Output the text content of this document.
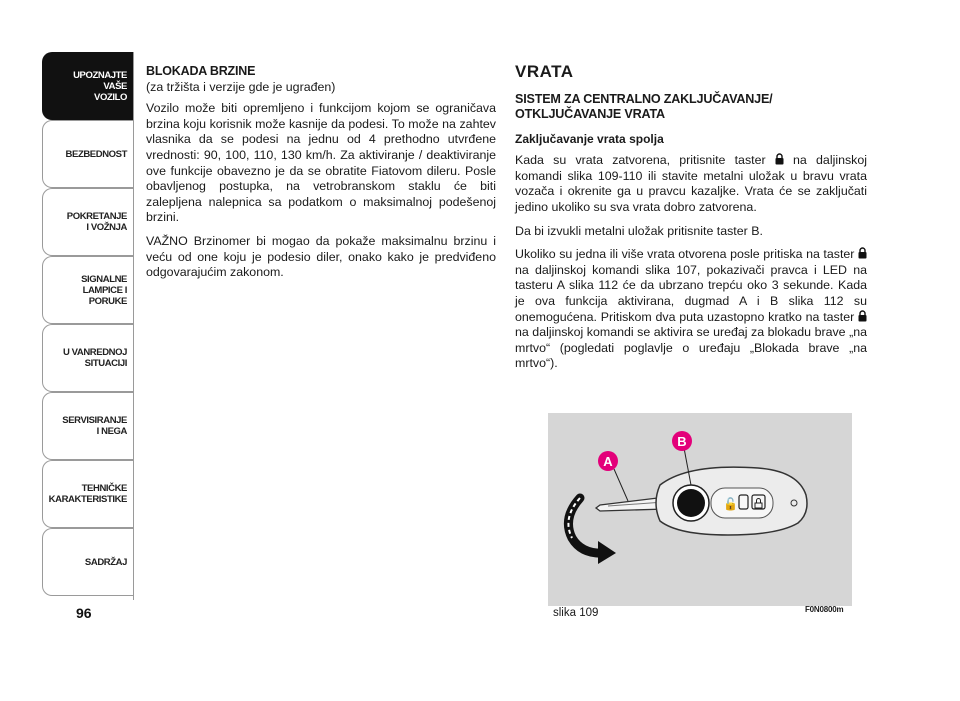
UPOZNAJTE
VAŠE
VOZILO
BEZBEDNOST
POKRETANJE
I VOŽNJA
SIGNALNE
LAMPICE I PORUKE
U VANREDNOJ
SITUACIJI
SERVISIRANJE
I NEGA
TEHNIČKE
KARAKTERISTIKE
SADRŽAJ
96
BLOKADA BRZINE
(za tržišta i verzije gde je ugrađen)

Vozilo može biti opremljeno i funkcijom kojom se ograničava brzina koju korisnik može kasnije da podesi. To može na zahtev vlasnika da se podesi na jednu od 4 prethodno utvrđene vrednosti: 90, 100, 110, 130 km/h. Za aktiviranje / deaktiviranje ove funkcije obavezno je da se obratite Fiatovom dileru. Posle obavljenog postupka, na vetrobranskom staklu će biti zalepljena nalepnica sa podatkom o maksimalnoj podešenoj brzini.

VAŽNO Brzinomer bi mogao da pokaže maksimalnu brzinu i veću od one koju je podesio diler, onako kako je predviđeno odgovarajućim zakonom.

VRATA
SISTEM ZA CENTRALNO ZAKLJUČAVANJE/ OTKLJUČAVANJE VRATA
Zaključavanje vrata spolja

Kada su vrata zatvorena, pritisnite taster  na daljinskoj komandi slika 109-110 ili stavite metalni uložak u bravu vrata vozača i okrenite ga u pravcu kazaljke. Vrata će se zaključati jedino ukoliko su sva vrata dobro zatvorena.

Da bi izvukli metalni uložak pritisnite taster B.

Ukoliko su jedna ili više vrata otvorena posle pritiska na taster  na daljinskoj komandi slika 107, pokazivači pravca i LED na tasteru A slika 112 će da ubrzano trepću oko 3 sekunde. Kada je ova funkcija aktivirana, dugmad A i B slika 112 su onemogućena. Pritiskom dva puta uzastopno kratko na taster  na daljinskoj komandi se aktivira se uređaj za blokadu brave „na mrtvo“ (pogledati poglavlje o uređaju „Blokada brave „na mrtvo“).

🔓
A
B
slika 109	F0N0800m
